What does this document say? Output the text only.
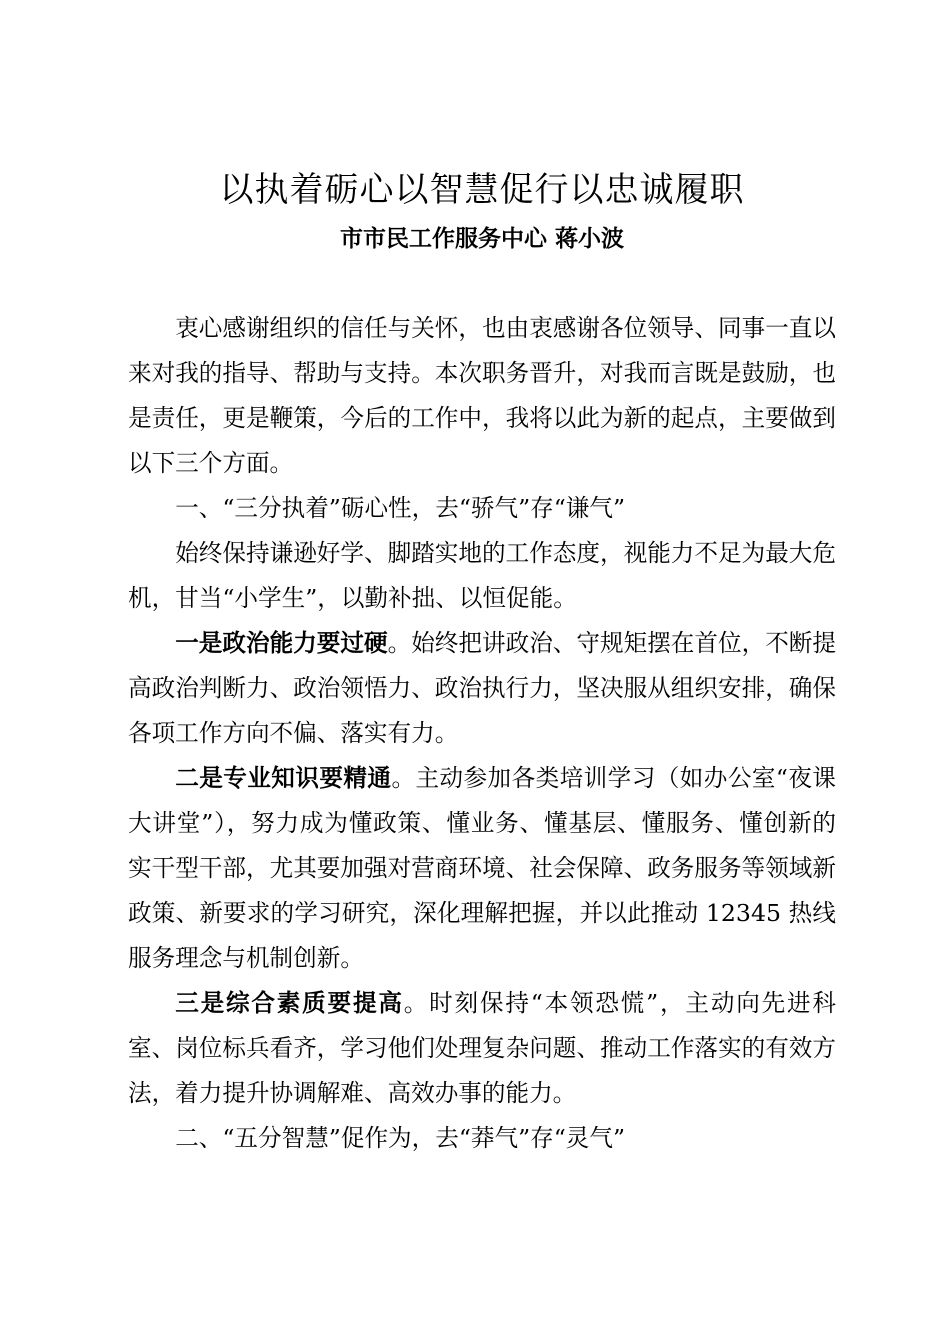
以执着砺心以智慧促行以忠诚履职
市市民工作服务中心 蒋小波

衷心感谢组织的信任与关怀，也由衷感谢各位领导、同事一直以来对我的指导、帮助与支持。本次职务晋升，对我而言既是鼓励，也是责任，更是鞭策，今后的工作中，我将以此为新的起点，主要做到以下三个方面。

一、“三分执着”砺心性，去“骄气”存“谦气”

始终保持谦逊好学、脚踏实地的工作态度，视能力不足为最大危机，甘当“小学生”，以勤补拙、以恒促能。

一是政治能力要过硬。始终把讲政治、守规矩摆在首位，不断提高政治判断力、政治领悟力、政治执行力，坚决服从组织安排，确保各项工作方向不偏、落实有力。

二是专业知识要精通。主动参加各类培训学习（如办公室“夜课大讲堂”），努力成为懂政策、懂业务、懂基层、懂服务、懂创新的实干型干部，尤其要加强对营商环境、社会保障、政务服务等领域新政策、新要求的学习研究，深化理解把握，并以此推动 12345 热线服务理念与机制创新。

三是综合素质要提高。时刻保持“本领恐慌”，主动向先进科室、岗位标兵看齐，学习他们处理复杂问题、推动工作落实的有效方法，着力提升协调解难、高效办事的能力。

二、“五分智慧”促作为，去“莽气”存“灵气”
